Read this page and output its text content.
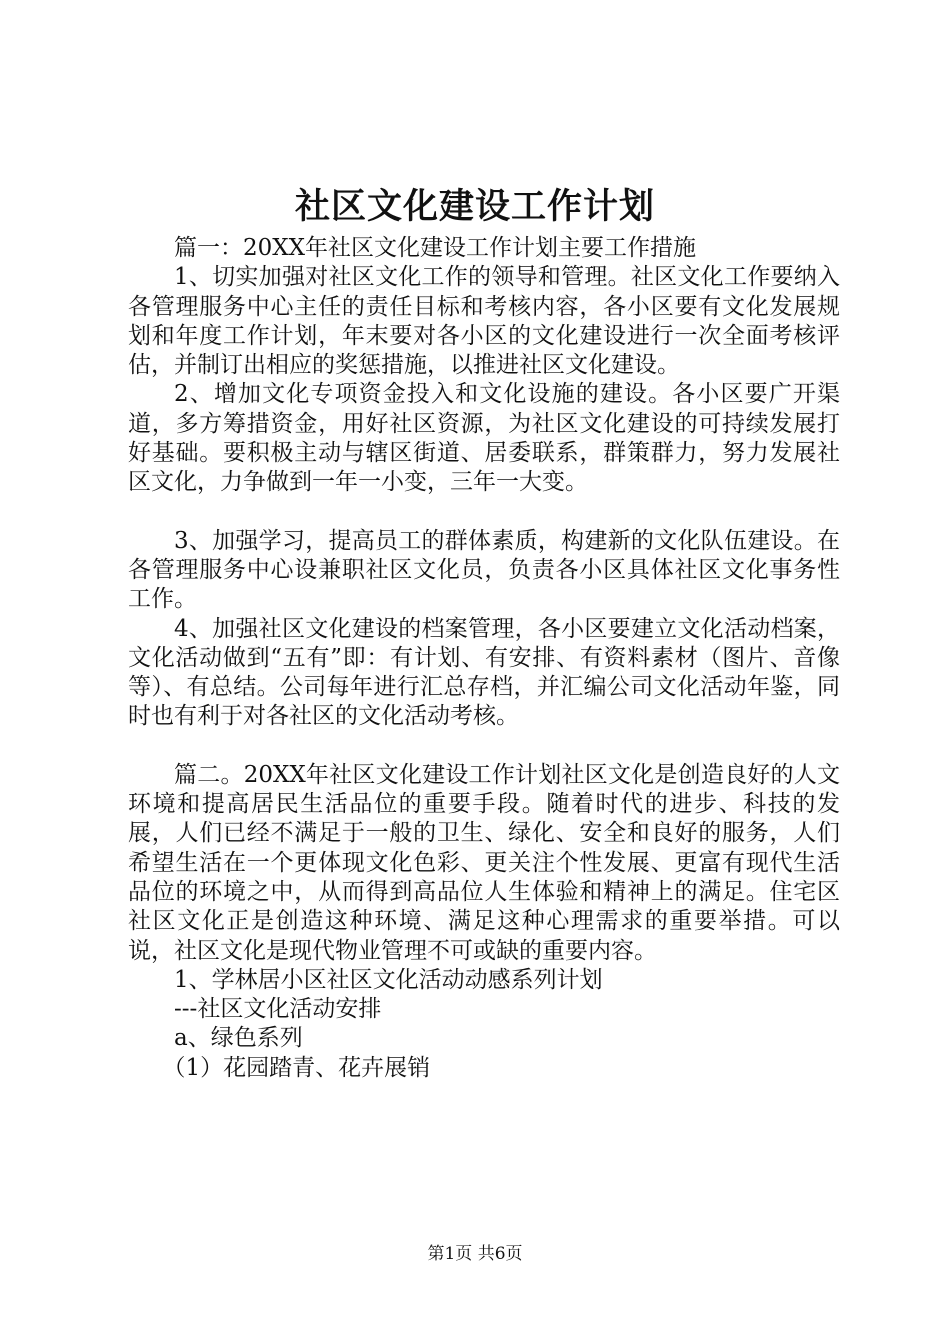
社区文化建设工作计划

篇一：20XX年社区文化建设工作计划主要工作措施

1、切实加强对社区文化工作的领导和管理。社区文化工作要纳入各管理服务中心主任的责任目标和考核内容，各小区要有文化发展规划和年度工作计划，年末要对各小区的文化建设进行一次全面考核评估，并制订出相应的奖惩措施，以推进社区文化建设。

2、增加文化专项资金投入和文化设施的建设。各小区要广开渠道，多方筹措资金，用好社区资源，为社区文化建设的可持续发展打好基础。要积极主动与辖区街道、居委联系，群策群力，努力发展社区文化，力争做到一年一小变，三年一大变。

3、加强学习，提高员工的群体素质，构建新的文化队伍建设。在各管理服务中心设兼职社区文化员，负责各小区具体社区文化事务性工作。

4、加强社区文化建设的档案管理，各小区要建立文化活动档案，文化活动做到“五有”即：有计划、有安排、有资料素材（图片、音像等）、有总结。公司每年进行汇总存档，并汇编公司文化活动年鉴，同时也有利于对各社区的文化活动考核。

篇二。20XX年社区文化建设工作计划社区文化是创造良好的人文环境和提高居民生活品位的重要手段。随着时代的进步、科技的发展，人们已经不满足于一般的卫生、绿化、安全和良好的服务，人们希望生活在一个更体现文化色彩、更关注个性发展、更富有现代生活品位的环境之中，从而得到高品位人生体验和精神上的满足。住宅区社区文化正是创造这种环境、满足这种心理需求的重要举措。可以说，社区文化是现代物业管理不可或缺的重要内容。

1、学林居小区社区文化活动动感系列计划

---社区文化活动安排

a、绿色系列

（1）花园踏青、花卉展销

第1页 共6页
